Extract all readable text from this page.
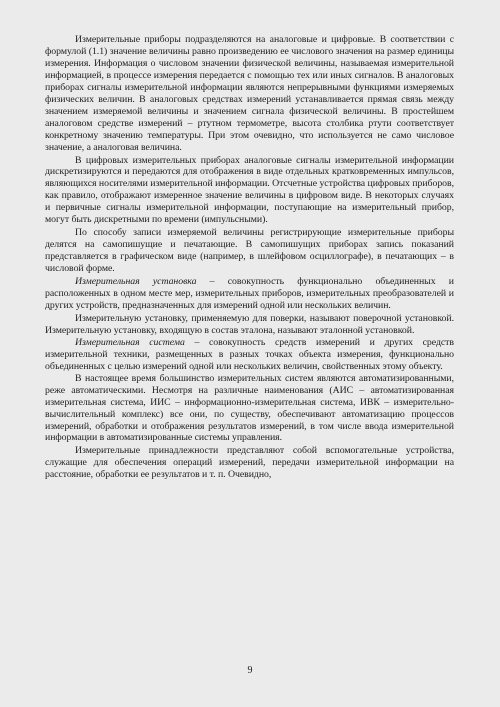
Измерительные приборы подразделяются на аналоговые и цифровые. В соответствии с формулой (1.1) значение величины равно произведению ее числового значения на размер единицы измерения. Информация о числовом значении физической величины, называемая измерительной информацией, в процессе измерения передается с помощью тех или иных сигналов. В аналоговых приборах сигналы измерительной информации являются непрерывными функциями измеряемых физических величин. В аналоговых средствах измерений устанавливается прямая связь между значением измеряемой величины и значением сигнала физической величины. В простейшем аналоговом средстве измерений – ртутном термометре, высота столбика ртути соответствует конкретному значению температуры. При этом очевидно, что используется не само числовое значение, а аналоговая величина.

В цифровых измерительных приборах аналоговые сигналы измерительной информации дискретизируются и передаются для отображения в виде отдельных кратковременных импульсов, являющихся носителями измерительной информации. Отсчетные устройства цифровых приборов, как правило, отображают измеренное значение величины в цифровом виде. В некоторых случаях и первичные сигналы измерительной информации, поступающие на измерительный прибор, могут быть дискретными по времени (импульсными).

По способу записи измеряемой величины регистрирующие измерительные приборы делятся на самопишущие и печатающие. В самопишущих приборах запись показаний представляется в графическом виде (например, в шлейфовом осциллографе), в печатающих – в числовой форме.

Измерительная установка – совокупность функционально объединенных и расположенных в одном месте мер, измерительных приборов, измерительных преобразователей и других устройств, предназначенных для измерений одной или нескольких величин.

Измерительную установку, применяемую для поверки, называют поверочной установкой. Измерительную установку, входящую в состав эталона, называют эталонной установкой.

Измерительная система – совокупность средств измерений и других средств измерительной техники, размещенных в разных точках объекта измерения, функционально объединенных с целью измерений одной или нескольких величин, свойственных этому объекту.

В настоящее время большинство измерительных систем являются автоматизированными, реже автоматическими. Несмотря на различные наименования (АИС – автоматизированная измерительная система, ИИС – информационно-измерительная система, ИВК – измерительно-вычислительный комплекс) все они, по существу, обеспечивают автоматизацию процессов измерений, обработки и отображения результатов измерений, в том числе ввода измерительной информации в автоматизированные системы управления.

Измерительные принадлежности представляют собой вспомогательные устройства, служащие для обеспечения операций измерений, передачи измерительной информации на расстояние, обработки ее результатов и т. п. Очевидно,

9
